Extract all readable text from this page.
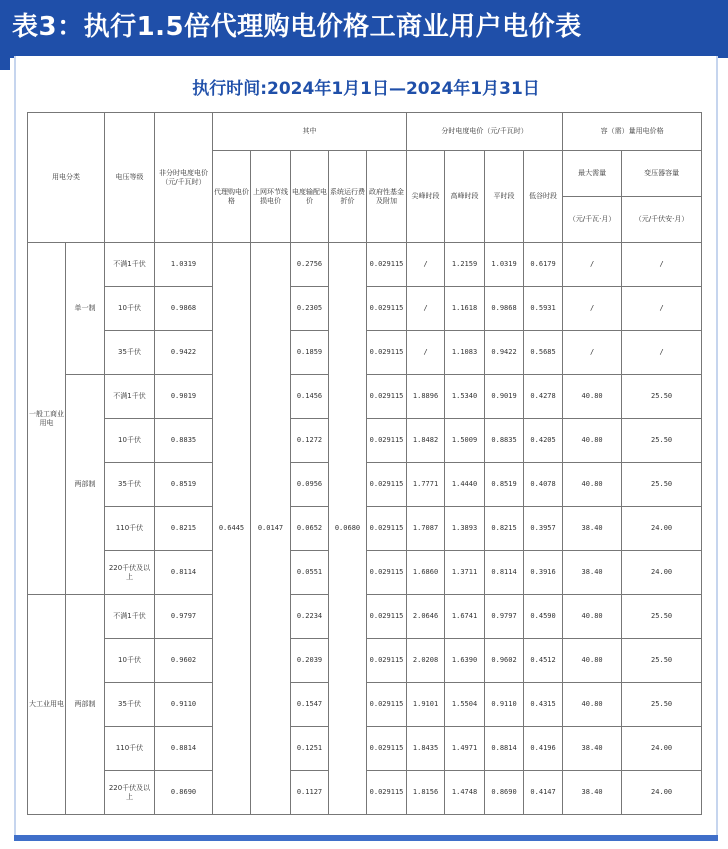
表3：执行1.5倍代理购电价格工商业用户电价表
执行时间:2024年1月1日—2024年1月31日
用电分类		电压等级	非分时电度电价（元/千瓦时）	其中					分时电度电价（元/千瓦时）				容（需）量用电价格	
				代理购电价格	上网环节线损电价	电度输配电价	系统运行费折价	政府性基金及附加	尖峰时段	高峰时段	平时段	低谷时段	最大需量	变压器容量
													（元/千瓦·月）	（元/千伏安·月）
一般工商业用电	单一制	不满1千伏	1.0319	0.6445	0.0147	0.2756	0.0680	0.029115	/	1.2159	1.0319	0.6179	/	/
		10千伏	0.9868			0.2305		0.029115	/	1.1618	0.9868	0.5931	/	/
		35千伏	0.9422			0.1859		0.029115	/	1.1083	0.9422	0.5685	/	/
	两部制	不满1千伏	0.9019			0.1456		0.029115	1.8896	1.5340	0.9019	0.4278	40.80	25.50
		10千伏	0.8835			0.1272		0.029115	1.8482	1.5009	0.8835	0.4205	40.80	25.50
		35千伏	0.8519			0.0956		0.029115	1.7771	1.4440	0.8519	0.4078	40.80	25.50
		110千伏	0.8215			0.0652		0.029115	1.7087	1.3893	0.8215	0.3957	38.40	24.00
		220千伏及以上	0.8114			0.0551		0.029115	1.6860	1.3711	0.8114	0.3916	38.40	24.00
大工业用电	两部制	不满1千伏	0.9797			0.2234		0.029115	2.0646	1.6741	0.9797	0.4590	40.80	25.50
		10千伏	0.9602			0.2039		0.029115	2.0208	1.6390	0.9602	0.4512	40.80	25.50
		35千伏	0.9110			0.1547		0.029115	1.9101	1.5504	0.9110	0.4315	40.80	25.50
		110千伏	0.8814			0.1251		0.029115	1.8435	1.4971	0.8814	0.4196	38.40	24.00
		220千伏及以上	0.8690			0.1127		0.029115	1.8156	1.4748	0.8690	0.4147	38.40	24.00
